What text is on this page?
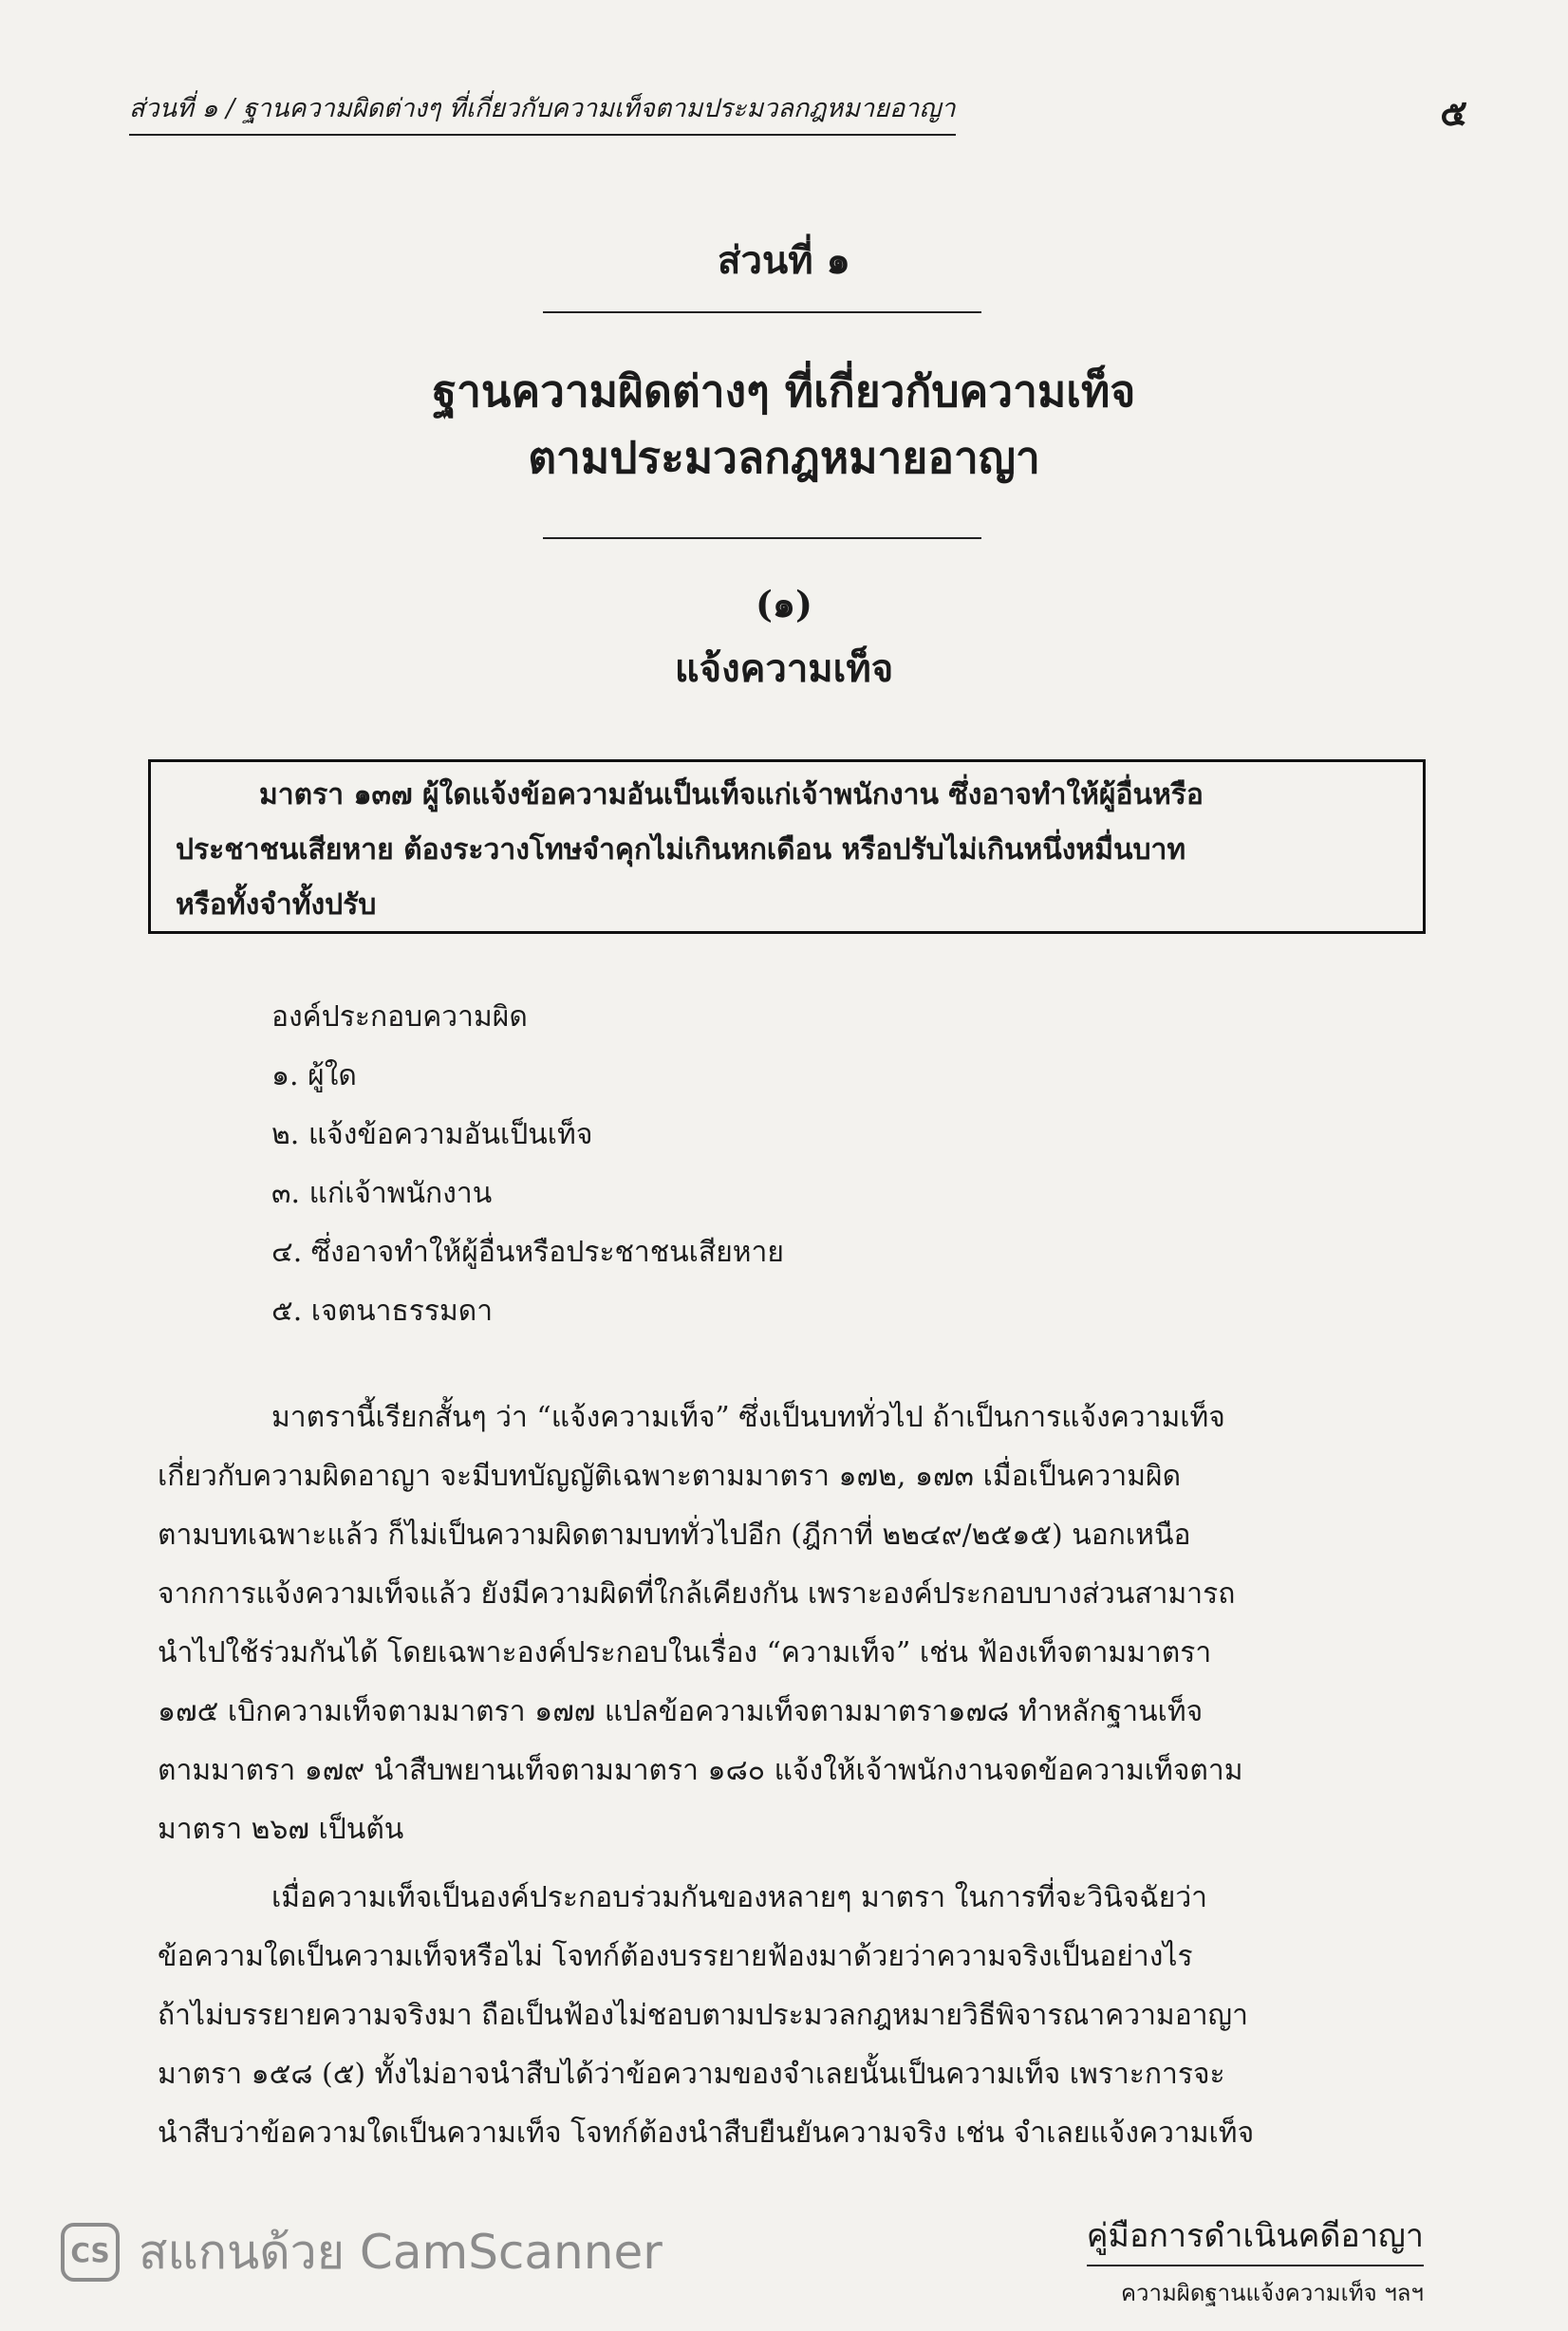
ส่วนที่ ๑ / ฐานความผิดต่างๆ ที่เกี่ยวกับความเท็จตามประมวลกฎหมายอาญา	๕
ส่วนที่ ๑
ฐานความผิดต่างๆ ที่เกี่ยวกับความเท็จ
ตามประมวลกฎหมายอาญา
(๑)
แจ้งความเท็จ
มาตรา ๑๓๗ ผู้ใดแจ้งข้อความอันเป็นเท็จแก่เจ้าพนักงาน ซึ่งอาจทำให้ผู้อื่นหรือ
ประชาชนเสียหาย ต้องระวางโทษจำคุกไม่เกินหกเดือน หรือปรับไม่เกินหนึ่งหมื่นบาท
หรือทั้งจำทั้งปรับ
องค์ประกอบความผิด
๑. ผู้ใด
๒. แจ้งข้อความอันเป็นเท็จ
๓. แก่เจ้าพนักงาน
๔. ซึ่งอาจทำให้ผู้อื่นหรือประชาชนเสียหาย
๕. เจตนาธรรมดา
มาตรานี้เรียกสั้นๆ ว่า “แจ้งความเท็จ” ซึ่งเป็นบททั่วไป ถ้าเป็นการแจ้งความเท็จ
เกี่ยวกับความผิดอาญา จะมีบทบัญญัติเฉพาะตามมาตรา ๑๗๒, ๑๗๓ เมื่อเป็นความผิด
ตามบทเฉพาะแล้ว ก็ไม่เป็นความผิดตามบททั่วไปอีก (ฎีกาที่ ๒๒๔๙/๒๕๑๕) นอกเหนือ
จากการแจ้งความเท็จแล้ว ยังมีความผิดที่ใกล้เคียงกัน เพราะองค์ประกอบบางส่วนสามารถ
นำไปใช้ร่วมกันได้ โดยเฉพาะองค์ประกอบในเรื่อง “ความเท็จ” เช่น ฟ้องเท็จตามมาตรา
๑๗๕ เบิกความเท็จตามมาตรา ๑๗๗ แปลข้อความเท็จตามมาตรา๑๗๘ ทำหลักฐานเท็จ
ตามมาตรา ๑๗๙ นำสืบพยานเท็จตามมาตรา ๑๘๐ แจ้งให้เจ้าพนักงานจดข้อความเท็จตาม
มาตรา ๒๖๗ เป็นต้น
เมื่อความเท็จเป็นองค์ประกอบร่วมกันของหลายๆ มาตรา ในการที่จะวินิจฉัยว่า
ข้อความใดเป็นความเท็จหรือไม่ โจทก์ต้องบรรยายฟ้องมาด้วยว่าความจริงเป็นอย่างไร
ถ้าไม่บรรยายความจริงมา ถือเป็นฟ้องไม่ชอบตามประมวลกฎหมายวิธีพิจารณาความอาญา
มาตรา ๑๕๘ (๕) ทั้งไม่อาจนำสืบได้ว่าข้อความของจำเลยนั้นเป็นความเท็จ เพราะการจะ
นำสืบว่าข้อความใดเป็นความเท็จ โจทก์ต้องนำสืบยืนยันความจริง เช่น จำเลยแจ้งความเท็จ
คู่มือการดำเนินคดีอาญา
ความผิดฐานแจ้งความเท็จ ฯลฯ
CS สแกนด้วย CamScanner
